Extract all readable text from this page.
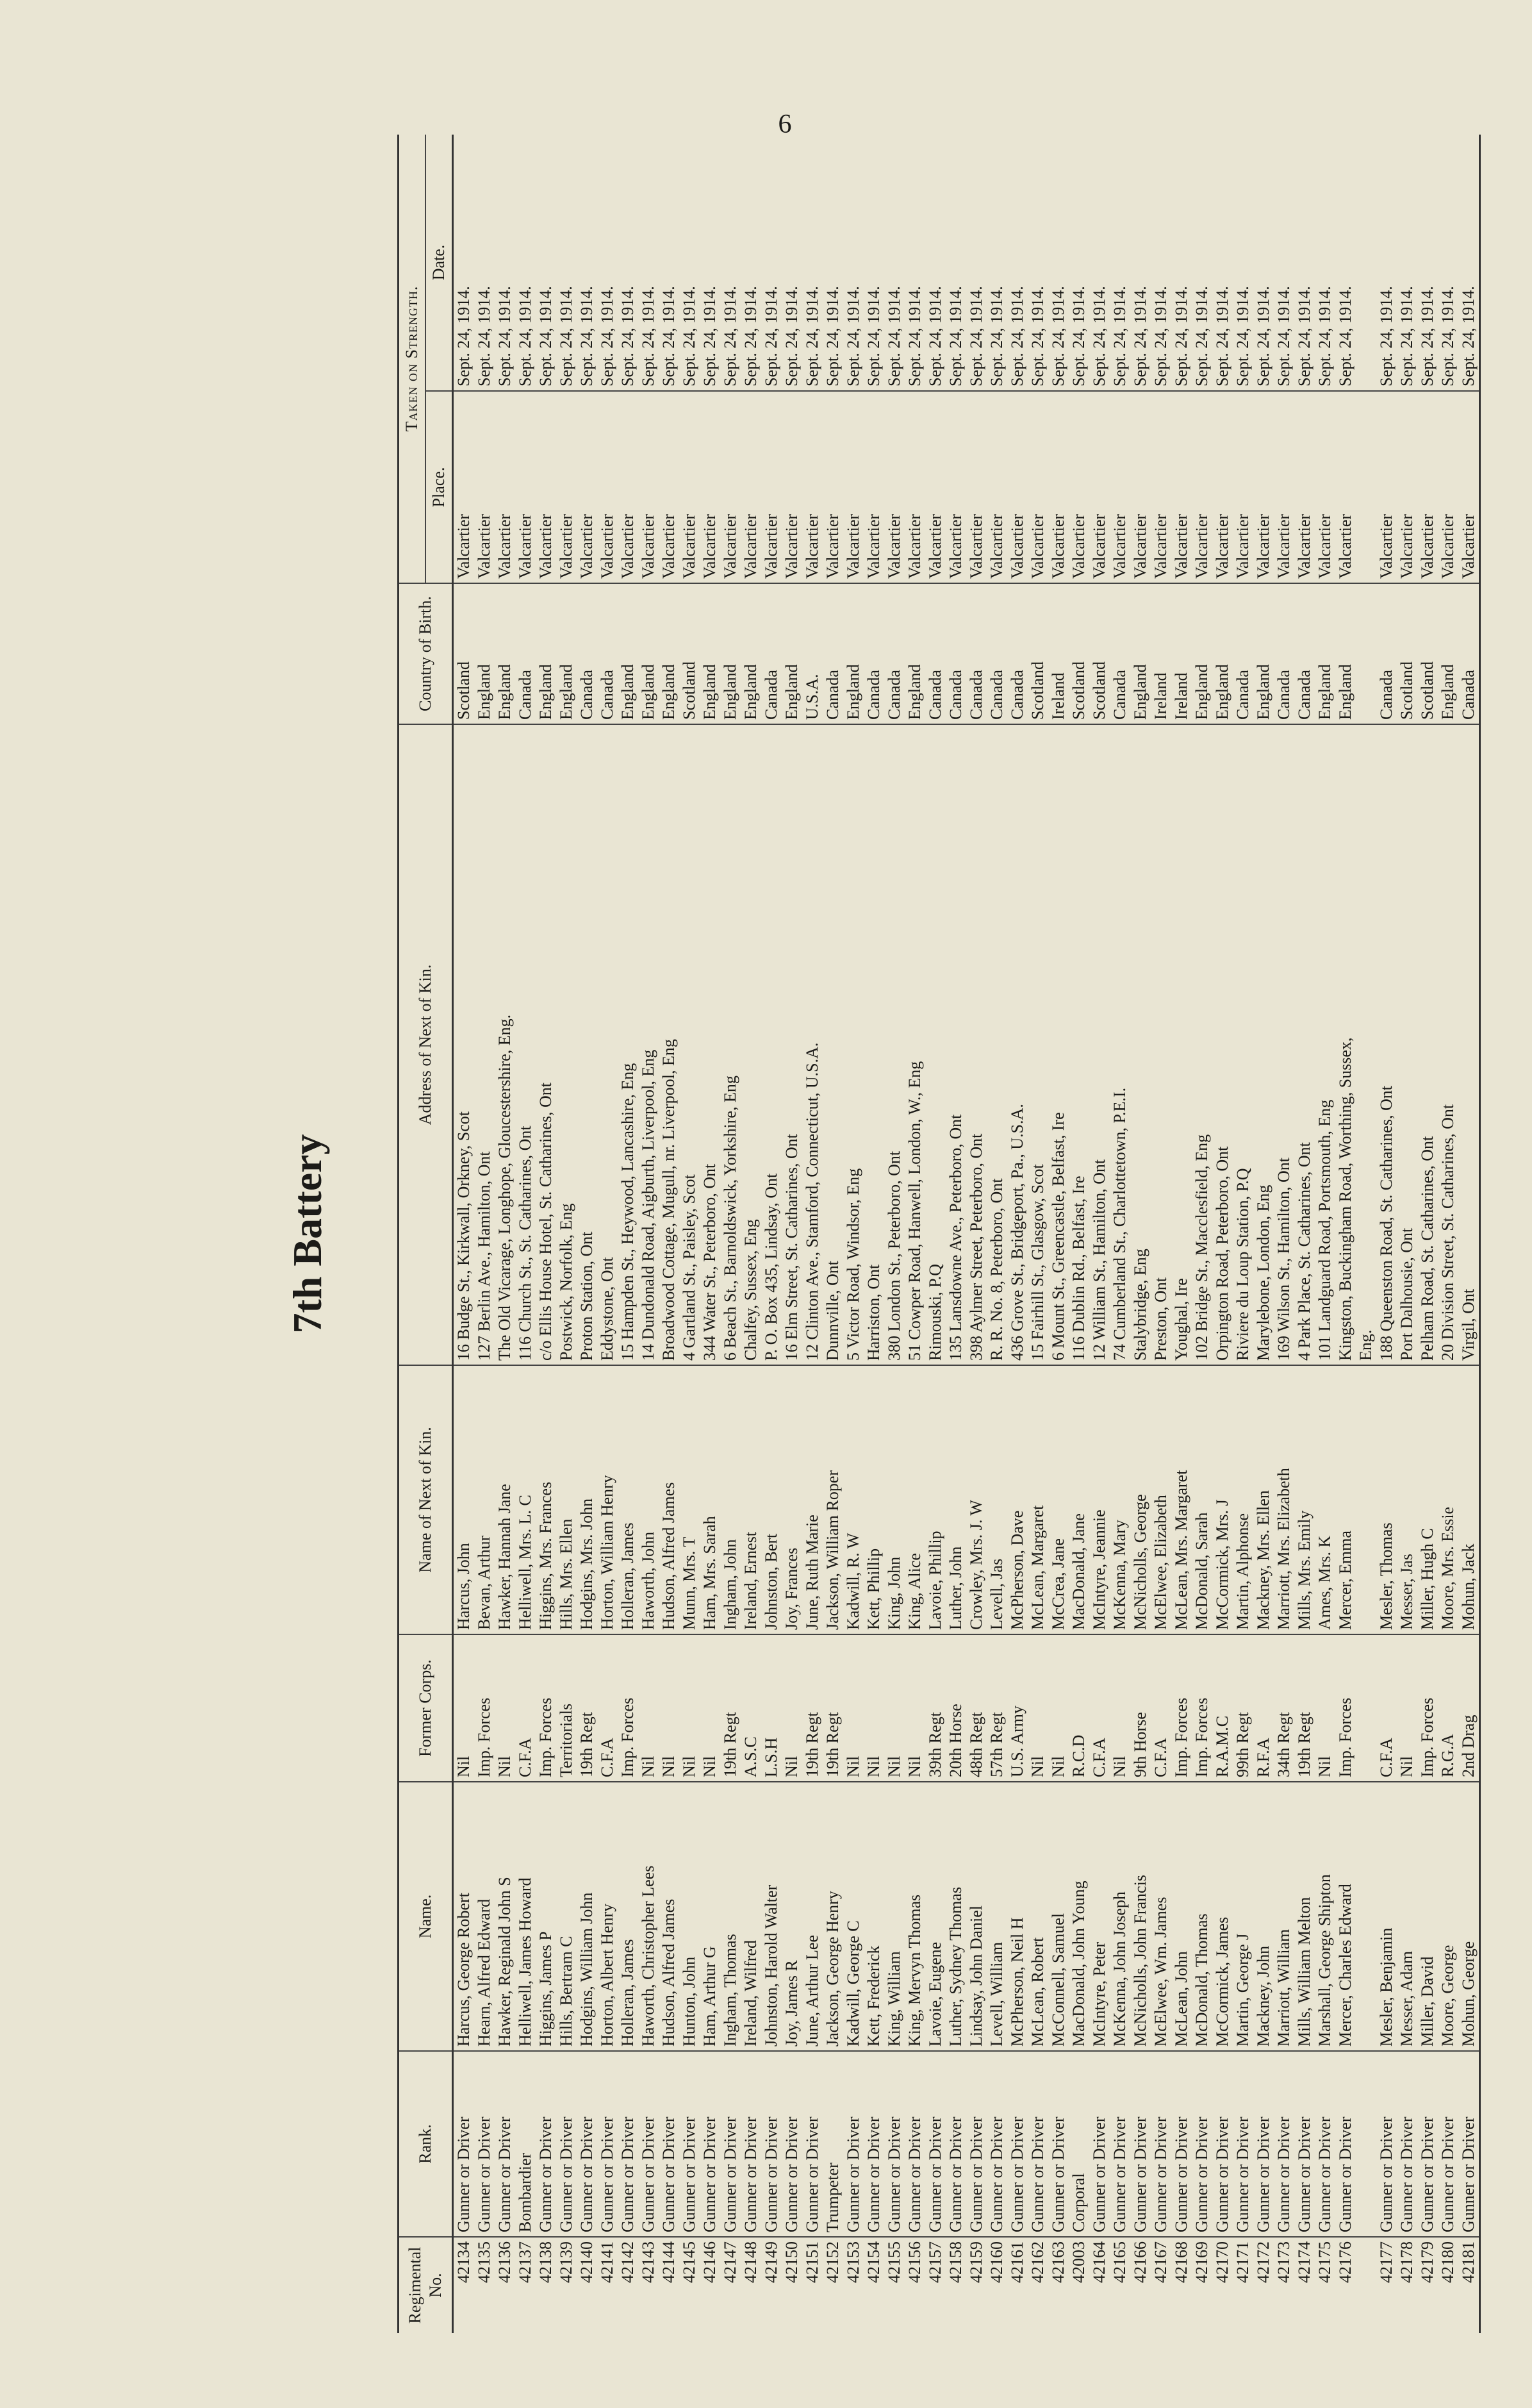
6
7th Battery
Regimental No.	Rank.	Name.	Former Corps.	Name of Next of Kin.	Address of Next of Kin.	Country of Birth.	Taken on Strength.	
							Place.	Date.
42134	Gunner or Driver	Harcus, George Robert	Nil	Harcus, John	16 Budge St., Kirkwall, Orkney, Scot	Scotland	Valcartier	Sept. 24, 1914.
42135	Gunner or Driver	Hearn, Alfred Edward	Imp. Forces	Bevan, Arthur	127 Berlin Ave., Hamilton, Ont	England	Valcartier	Sept. 24, 1914.
42136	Gunner or Driver	Hawker, Reginald John S	Nil	Hawker, Hannah Jane	The Old Vicarage, Longhope, Gloucestershire, Eng.	England	Valcartier	Sept. 24, 1914.
42137	Bombardier	Helliwell, James Howard	C.F.A	Helliwell, Mrs. L. C	116 Church St., St. Catharines, Ont	Canada	Valcartier	Sept. 24, 1914.
42138	Gunner or Driver	Higgins, James P	Imp. Forces	Higgins, Mrs. Frances	c/o Ellis House Hotel, St. Catharines, Ont	England	Valcartier	Sept. 24, 1914.
42139	Gunner or Driver	Hills, Bertram C	Territorials	Hills, Mrs. Ellen	Postwick, Norfolk, Eng	England	Valcartier	Sept. 24, 1914.
42140	Gunner or Driver	Hodgins, William John	19th Regt	Hodgins, Mrs. John	Proton Station, Ont	Canada	Valcartier	Sept. 24, 1914.
42141	Gunner or Driver	Horton, Albert Henry	C.F.A	Horton, William Henry	Eddystone, Ont	Canada	Valcartier	Sept. 24, 1914.
42142	Gunner or Driver	Holleran, James	Imp. Forces	Holleran, James	15 Hampden St., Heywood, Lancashire, Eng	England	Valcartier	Sept. 24, 1914.
42143	Gunner or Driver	Haworth, Christopher Lees	Nil	Haworth, John	14 Dundonald Road, Aigburth, Liverpool, Eng	England	Valcartier	Sept. 24, 1914.
42144	Gunner or Driver	Hudson, Alfred James	Nil	Hudson, Alfred James	Broadwood Cottage, Mugull, nr. Liverpool, Eng	England	Valcartier	Sept. 24, 1914.
42145	Gunner or Driver	Hunton, John	Nil	Munn, Mrs. T	4 Gartland St., Paisley, Scot	Scotland	Valcartier	Sept. 24, 1914.
42146	Gunner or Driver	Ham, Arthur G	Nil	Ham, Mrs. Sarah	344 Water St., Peterboro, Ont	England	Valcartier	Sept. 24, 1914.
42147	Gunner or Driver	Ingham, Thomas	19th Regt	Ingham, John	6 Beach St., Barnoldswick, Yorkshire, Eng	England	Valcartier	Sept. 24, 1914.
42148	Gunner or Driver	Ireland, Wilfred	A.S.C	Ireland, Ernest	Chalfey, Sussex, Eng	England	Valcartier	Sept. 24, 1914.
42149	Gunner or Driver	Johnston, Harold Walter	L.S.H	Johnston, Bert	P. O. Box 435, Lindsay, Ont	Canada	Valcartier	Sept. 24, 1914.
42150	Gunner or Driver	Joy, James R	Nil	Joy, Frances	16 Elm Street, St. Catharines, Ont	England	Valcartier	Sept. 24, 1914.
42151	Gunner or Driver	June, Arthur Lee	19th Regt	June, Ruth Marie	12 Clinton Ave., Stamford, Connecticut, U.S.A.	U.S.A.	Valcartier	Sept. 24, 1914.
42152	Trumpeter	Jackson, George Henry	19th Regt	Jackson, William Roper	Dunnville, Ont	Canada	Valcartier	Sept. 24, 1914.
42153	Gunner or Driver	Kadwill, George C	Nil	Kadwill, R. W	5 Victor Road, Windsor, Eng	England	Valcartier	Sept. 24, 1914.
42154	Gunner or Driver	Kett, Frederick	Nil	Kett, Phillip	Harriston, Ont	Canada	Valcartier	Sept. 24, 1914.
42155	Gunner or Driver	King, William	Nil	King, John	380 London St., Peterboro, Ont	Canada	Valcartier	Sept. 24, 1914.
42156	Gunner or Driver	King, Mervyn Thomas	Nil	King, Alice	51 Cowper Road, Hanwell, London, W., Eng	England	Valcartier	Sept. 24, 1914.
42157	Gunner or Driver	Lavoie, Eugene	39th Regt	Lavoie, Phillip	Rimouski, P.Q	Canada	Valcartier	Sept. 24, 1914.
42158	Gunner or Driver	Luther, Sydney Thomas	20th Horse	Luther, John	135 Lansdowne Ave., Peterboro, Ont	Canada	Valcartier	Sept. 24, 1914.
42159	Gunner or Driver	Lindsay, John Daniel	48th Regt	Crowley, Mrs. J. W	398 Aylmer Street, Peterboro, Ont	Canada	Valcartier	Sept. 24, 1914.
42160	Gunner or Driver	Levell, William	57th Regt	Levell, Jas	R. R. No. 8, Peterboro, Ont	Canada	Valcartier	Sept. 24, 1914.
42161	Gunner or Driver	McPherson, Neil H	U.S. Army	McPherson, Dave	436 Grove St., Bridgeport, Pa., U.S.A.	Canada	Valcartier	Sept. 24, 1914.
42162	Gunner or Driver	McLean, Robert	Nil	McLean, Margaret	15 Fairhill St., Glasgow, Scot	Scotland	Valcartier	Sept. 24, 1914.
42163	Gunner or Driver	McConnell, Samuel	Nil	McCrea, Jane	6 Mount St., Greencastle, Belfast, Ire	Ireland	Valcartier	Sept. 24, 1914.
42003	Corporal	MacDonald, John Young	R.C.D	MacDonald, Jane	116 Dublin Rd., Belfast, Ire	Scotland	Valcartier	Sept. 24, 1914.
42164	Gunner or Driver	McIntyre, Peter	C.F.A	McIntyre, Jeannie	12 William St., Hamilton, Ont	Scotland	Valcartier	Sept. 24, 1914.
42165	Gunner or Driver	McKenna, John Joseph	Nil	McKenna, Mary	74 Cumberland St., Charlottetown, P.E.I.	Canada	Valcartier	Sept. 24, 1914.
42166	Gunner or Driver	McNicholls, John Francis	9th Horse	McNicholls, George	Stalybridge, Eng	England	Valcartier	Sept. 24, 1914.
42167	Gunner or Driver	McElwee, Wm. James	C.F.A	McElwee, Elizabeth	Preston, Ont	Ireland	Valcartier	Sept. 24, 1914.
42168	Gunner or Driver	McLean, John	Imp. Forces	McLean, Mrs. Margaret	Youghal, Ire	Ireland	Valcartier	Sept. 24, 1914.
42169	Gunner or Driver	McDonald, Thomas	Imp. Forces	McDonald, Sarah	102 Bridge St., Macclesfield, Eng	England	Valcartier	Sept. 24, 1914.
42170	Gunner or Driver	McCormick, James	R.A.M.C	McCormick, Mrs. J	Orpington Road, Peterboro, Ont	England	Valcartier	Sept. 24, 1914.
42171	Gunner or Driver	Martin, George J	99th Regt	Martin, Alphonse	Riviere du Loup Station, P.Q	Canada	Valcartier	Sept. 24, 1914.
42172	Gunner or Driver	Mackney, John	R.F.A	Mackney, Mrs. Ellen	Marylebone, London, Eng	England	Valcartier	Sept. 24, 1914.
42173	Gunner or Driver	Marriott, William	34th Regt	Marriott, Mrs. Elizabeth	169 Wilson St., Hamilton, Ont	Canada	Valcartier	Sept. 24, 1914.
42174	Gunner or Driver	Mills, William Melton	19th Regt	Mills, Mrs. Emily	4 Park Place, St. Catharines, Ont	Canada	Valcartier	Sept. 24, 1914.
42175	Gunner or Driver	Marshall, George Shipton	Nil	Ames, Mrs. K	101 Landguard Road, Portsmouth, Eng	England	Valcartier	Sept. 24, 1914.
42176	Gunner or Driver	Mercer, Charles Edward	Imp. Forces	Mercer, Emma	Kingston, Buckingham Road, Worthing, Sussex,	England	Valcartier	Sept. 24, 1914.
					Eng.			
42177	Gunner or Driver	Mesler, Benjamin	C.F.A	Mesler, Thomas	188 Queenston Road, St. Catharines, Ont	Canada	Valcartier	Sept. 24, 1914.
42178	Gunner or Driver	Messer, Adam	Nil	Messer, Jas	Port Dalhousie, Ont	Scotland	Valcartier	Sept. 24, 1914.
42179	Gunner or Driver	Miller, David	Imp. Forces	Miller, Hugh C	Pelham Road, St. Catharines, Ont	Scotland	Valcartier	Sept. 24, 1914.
42180	Gunner or Driver	Moore, George	R.G.A	Moore, Mrs. Essie	20 Division Street, St. Catharines, Ont	England	Valcartier	Sept. 24, 1914.
42181	Gunner or Driver	Mohun, George	2nd Drag	Mohun, Jack	Virgil, Ont	Canada	Valcartier	Sept. 24, 1914.
